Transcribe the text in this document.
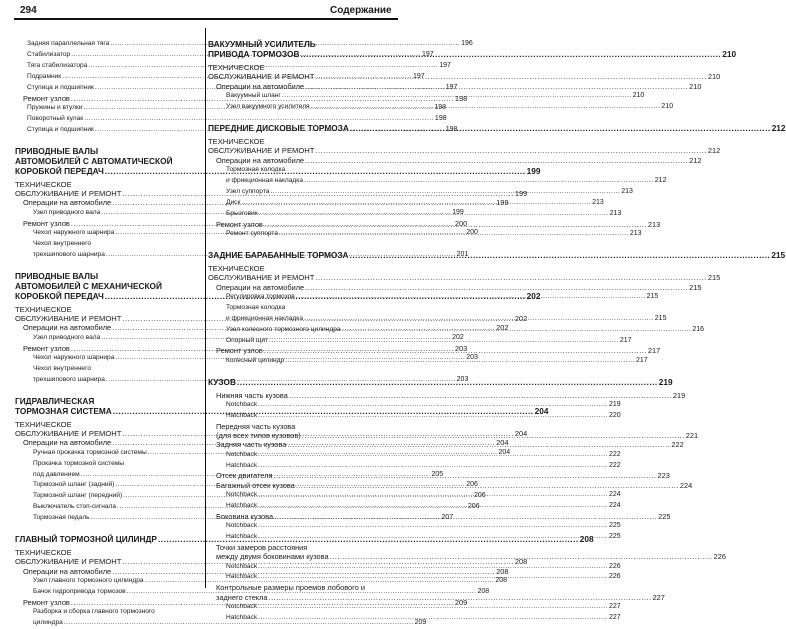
294	Содержание
Задняя параллельная тяга .....	196
Стабилизатор .....	197
Тяга стабилизатора .....	197
Подрамник .....	197
Ступица и подшипник .....	197
Ремонт узлов .....	198
Пружины и втулки .....	198
Поворотный кулак .....	198
Ступица и подшипник .....	198
ПРИВОДНЫЕ ВАЛЫ
АВТОМОБИЛЕЙ С АВТОМАТИЧЕСКОЙ
КОРОБКОЙ ПЕРЕДАЧ .....	199
ТЕХНИЧЕСКОЕ
ОБСЛУЖИВАНИЕ И РЕМОНТ .....	199
Операции на автомобиле .....	199
Узел приводного вала .....	199
Ремонт узлов .....	200
Чехол наружного шарнира .....	200
Чехол внутреннего
трехшипового шарнира .....	201
ПРИВОДНЫЕ ВАЛЫ
АВТОМОБИЛЕЙ С МЕХАНИЧЕСКОЙ
КОРОБКОЙ ПЕРЕДАЧ .....	202
ТЕХНИЧЕСКОЕ
ОБСЛУЖИВАНИЕ И РЕМОНТ .....	202
Операции на автомобиле .....	202
Узел приводного вала .....	202
Ремонт узлов .....	203
Чехол наружного шарнира .....	203
Чехол внутреннего
трехшипового шарнира .....	203
ГИДРАВЛИЧЕСКАЯ
ТОРМОЗНАЯ СИСТЕМА .....	204
ТЕХНИЧЕСКОЕ
ОБСЛУЖИВАНИЕ И РЕМОНТ .....	204
Операции на автомобиле .....	204
Ручная прокачка тормозной системы .....	204
Прокачка тормозной системы
под давлением .....	205
Тормозной шланг (задний) .....	206
Тормозной шланг (передний) .....	206
Выключатель стоп-сигнала .....	206
Тормозная педаль .....	207
ГЛАВНЫЙ ТОРМОЗНОЙ ЦИЛИНДР .....	208
ТЕХНИЧЕСКОЕ
ОБСЛУЖИВАНИЕ И РЕМОНТ .....	208
Операции на автомобиле .....	208
Узел главного тормозного цилиндра .....	208
Бачок гидропривода тормозов .....	208
Ремонт узлов .....	209
Разборка и сборка главного тормозного
цилиндра .....	209
ВАКУУМНЫЙ УСИЛИТЕЛЬ
ПРИВОДА ТОРМОЗОВ .....	210
ТЕХНИЧЕСКОЕ
ОБСЛУЖИВАНИЕ И РЕМОНТ .....	210
Операции на автомобиле .....	210
Вакуумный шланг .....	210
Узел вакуумного усилителя .....	210
ПЕРЕДНИЕ ДИСКОВЫЕ ТОРМОЗА .....	212
ТЕХНИЧЕСКОЕ
ОБСЛУЖИВАНИЕ И РЕМОНТ .....	212
Операции на автомобиле .....	212
Тормозная колодка
и фрикционная накладка .....	212
Узел суппорта .....	213
Диск .....	213
Брызговик .....	213
Ремонт узлов .....	213
Ремонт суппорта .....	213
ЗАДНИЕ БАРАБАННЫЕ ТОРМОЗА .....	215
ТЕХНИЧЕСКОЕ
ОБСЛУЖИВАНИЕ И РЕМОНТ .....	215
Операции на автомобиле .....	215
Регулировка тормозов .....	215
Тормозная колодка
и фрикционная накладка .....	215
Узел колесного тормозного цилиндра .....	216
Опорный щит .....	217
Ремонт узлов .....	217
Колесный цилиндр .....	217
КУЗОВ .....	219
Нижняя часть кузова .....	219
Notchback .....	219
Hatchback .....	220
Передняя часть кузова
(для всех типов кузовов) .....	221
Задняя часть кузова .....	222
Notchback .....	222
Hatchback .....	222
Отсек двигателя .....	223
Багажный отсек кузова .....	224
Notchback .....	224
Hatchback .....	224
Боковина кузова .....	225
Notchback .....	225
Hatchback .....	225
Точки замеров расстояния
между двумя боковинами кузова .....	226
Notchback .....	226
Hatchback .....	226
Контрольные размеры проемов лобового и
заднего стекла .....	227
Notchback .....	227
Hatchback .....	227
